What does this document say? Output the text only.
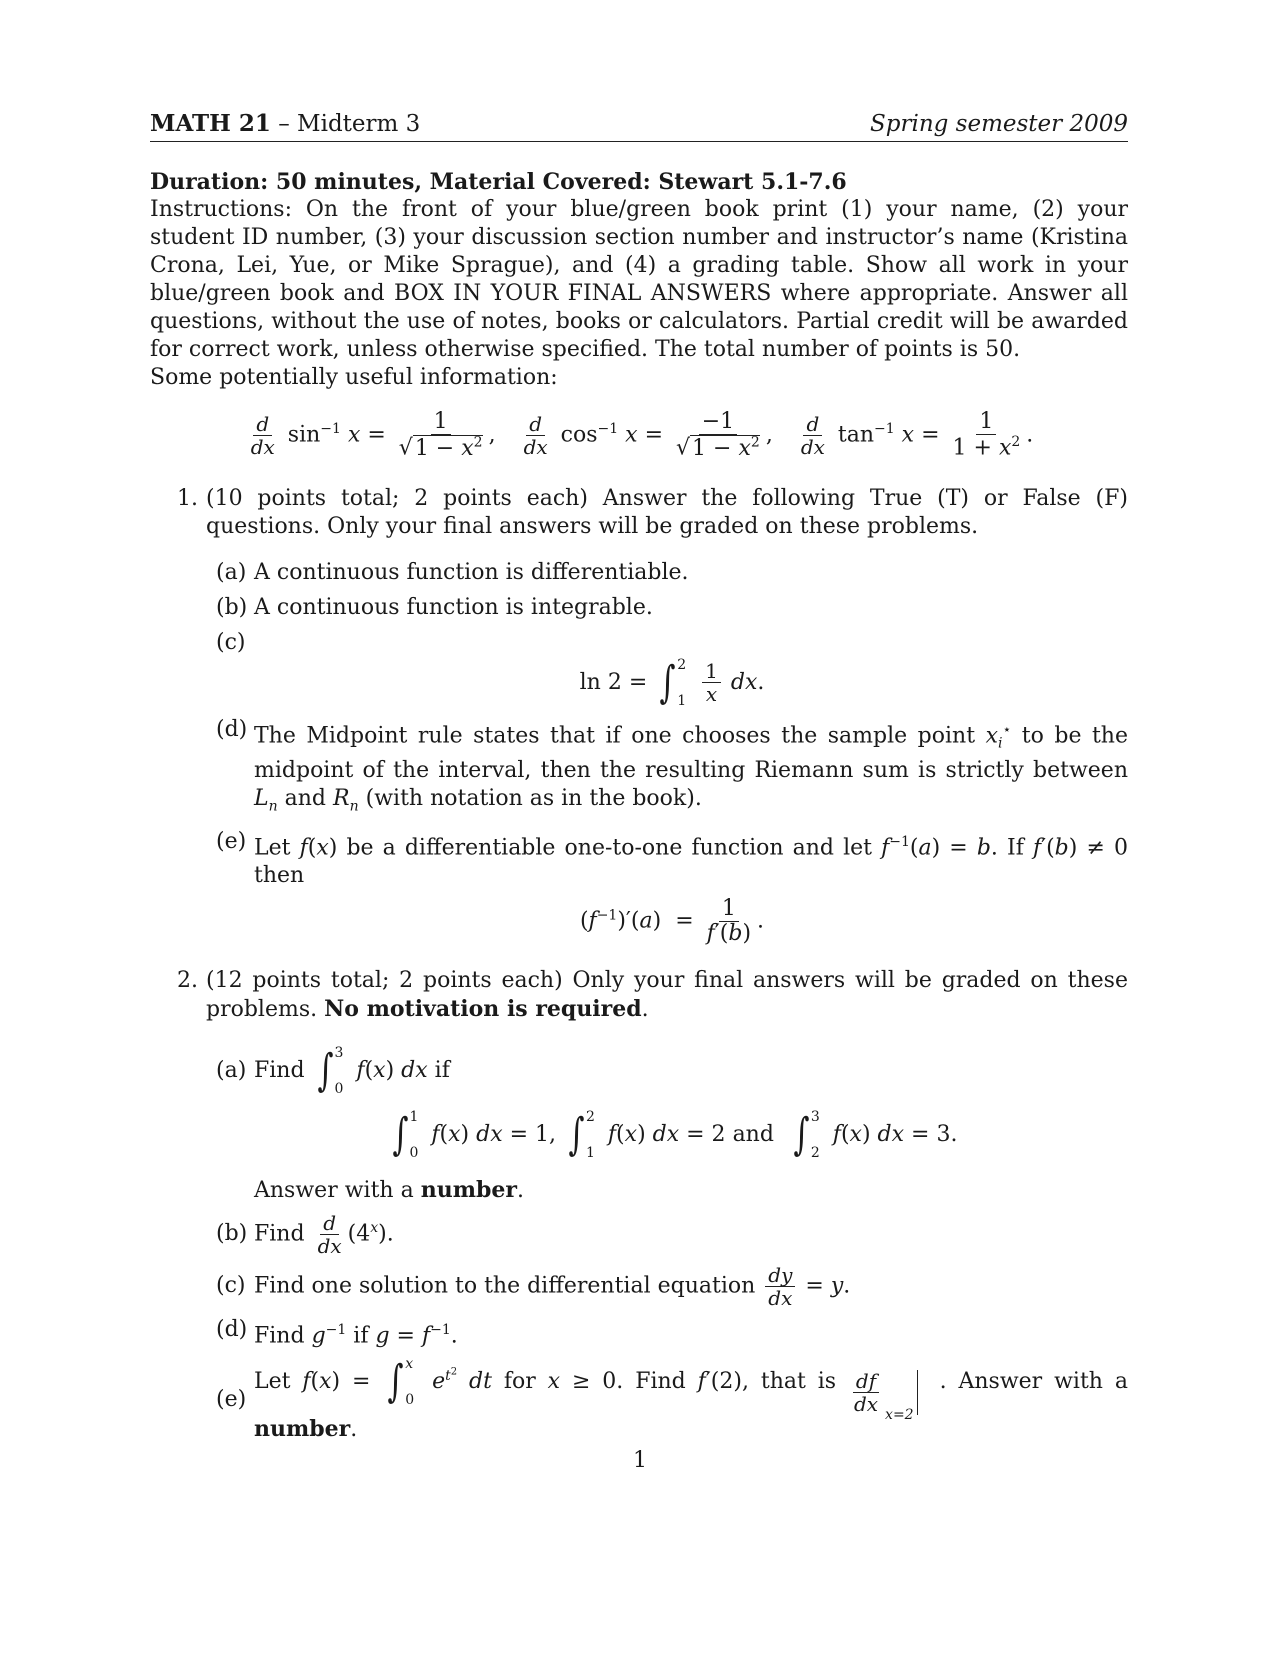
MATH 21 – Midterm 3	Spring semester 2009

Duration: 50 minutes, Material Covered: Stewart 5.1-7.6

Instructions: On the front of your blue/green book print (1) your name, (2) your student ID number, (3) your discussion section number and instructor’s name (Kristina Crona, Lei, Yue, or Mike Sprague), and (4) a grading table. Show all work in your blue/green book and BOX IN YOUR FINAL ANSWERS where appropriate. Answer all questions, without the use of notes, books or calculators. Partial credit will be awarded for correct work, unless otherwise specified. The total number of points is 50.

Some potentially useful information:

$\frac{d}{dx} \sin^{-1} x = \frac{1}{√1 - x^2}$ , $\frac{d}{dx} \cos^{-1} x = \frac{-1}{√1 - x^2}$ , $\frac{d}{dx} \tan^{-1} x = \frac{1}{1 + x^2}$ .
1. (10 points total; 2 points each) Answer the following True (T) or False (F) questions. Only your final answers will be graded on these problems.

(a) A continuous function is differentiable.
(b) A continuous function is integrable.
(c)
ln 2 = ∫ 2
1
$\frac{1}{x}$ dx.
(d) The Midpoint rule states that if one chooses the sample point $x_i^⋆$ to be the midpoint of the interval, then the resulting Riemann sum is strictly between $L_n$ and $R_n$ (with notation as in the book).
(e) Let f(x) be a differentiable one-to-one function and let $f^{-1}(a) = b$. If f′(b) ≠ 0 then
$(f^{-1})'(a) = \frac{1}{f'(b)}$ .
2. (12 points total; 2 points each) Only your final answers will be graded on these problems. No motivation is required.

(a) Find ∫ 3
0
f(x) dx if
∫ 1
0
f(x) dx = 1, ∫ 2
1
f(x) dx = 2 and ∫ 3
2
f(x) dx = 3.
Answer with a number.
(b) Find $\frac{d}{dx} (4^x)$.
(c) Find one solution to the differential equation $\frac{dy}{dx} = y$.
(d) Find $g^{-1}$ if $g = f^{-1}$.
(e)
Let f(x) = ∫ x
0
$e^{t^2}$ dt for x ≥ 0. Find f′(2), that is $\frac{df}{dx} x=2$
. Answer with a number.
1
